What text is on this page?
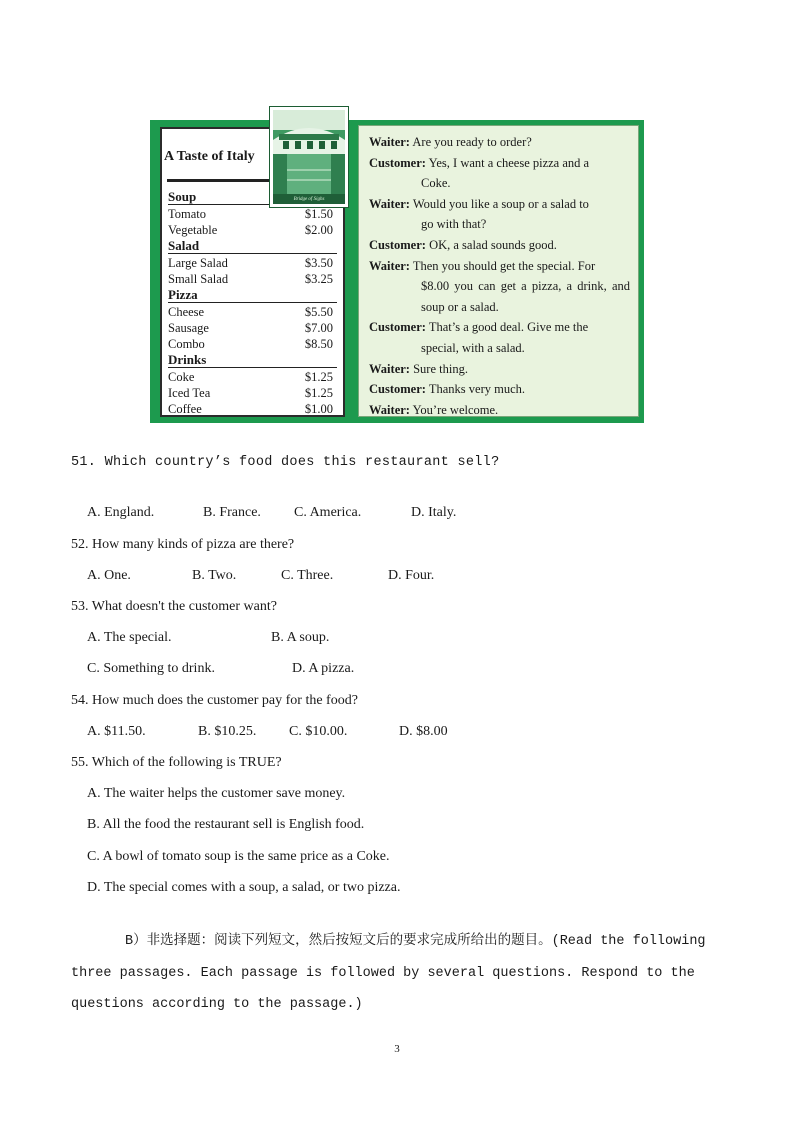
A Taste of Italy
Soup
Tomato	$1.50
Vegetable	$2.00
Salad
Large Salad	$3.50
Small Salad	$3.25
Pizza
Cheese	$5.50
Sausage	$7.00
Combo	$8.50
Drinks
Coke	$1.25
Iced Tea	$1.25
Coffee	$1.00
Bridge of Sighs
Waiter: Are you ready to order?
Customer: Yes, I want a cheese pizza and a
Coke.
Waiter: Would you like a soup or a salad to
go with that?
Customer: OK, a salad sounds good.
Waiter: Then you should get the special. For
$8.00 you can get a pizza, a drink, and soup or a salad.
Customer: That’s a good deal. Give me the
special, with a salad.
Waiter: Sure thing.
Customer: Thanks very much.
Waiter: You’re welcome.
51. Which country’s food does this restaurant sell?
A. England.	B. France. C. America.	D. Italy.
52. How many kinds of pizza are there?
A. One.	B. Two.	C. Three.	D. Four.
53. What doesn't the customer want?
A. The special.	B. A soup.
C. Something to drink.	D. A pizza.
54. How much does the customer pay for the food?
A. $11.50.	B. $10.25. C. $10.00.	D. $8.00
55. Which of the following is TRUE?
A. The waiter helps the customer save money.
B. All the food the restaurant sell is English food.
C. A bowl of tomato soup is the same price as a Coke.
D. The special comes with a soup, a salad, or two pizza.
B）非选择题：阅读下列短文，然后按短文后的要求完成所给出的题目。(Read the following three passages. Each passage is followed by several questions. Respond to the questions according to the passage.)
3
